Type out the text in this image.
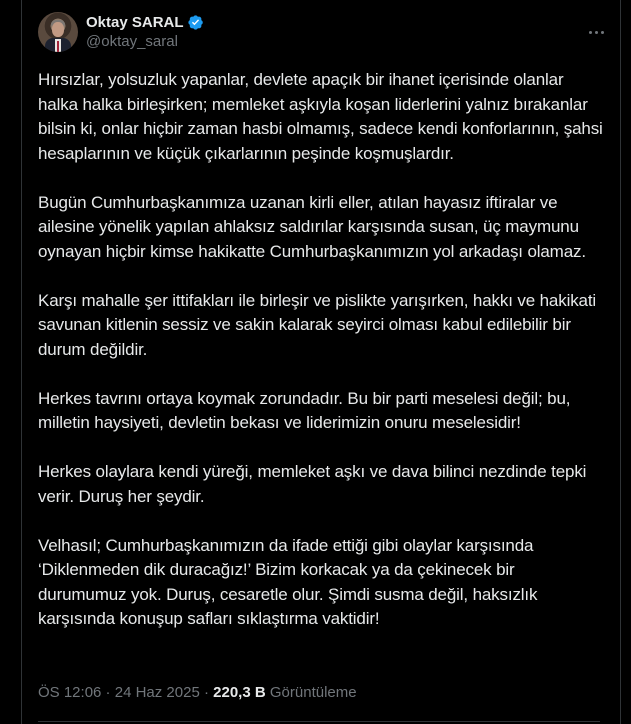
Oktay SARAL
@oktay_saral

Hırsızlar, yolsuzluk yapanlar, devlete apaçık bir ihanet içerisinde olanlar halka halka birleşirken; memleket aşkıyla koşan liderlerini yalnız bırakanlar bilsin ki, onlar hiçbir zaman hasbi olmamış, sadece kendi konforlarının, şahsi hesaplarının ve küçük çıkarlarının peşinde koşmuşlardır.

Bugün Cumhurbaşkanımıza uzanan kirli eller, atılan hayasız iftiralar ve ailesine yönelik yapılan ahlaksız saldırılar karşısında susan, üç maymunu oynayan hiçbir kimse hakikatte Cumhurbaşkanımızın yol arkadaşı olamaz.

Karşı mahalle şer ittifakları ile birleşir ve pislikte yarışırken, hakkı ve hakikati savunan kitlenin sessiz ve sakin kalarak seyirci olması kabul edilebilir bir durum değildir.

Herkes tavrını ortaya koymak zorundadır. Bu bir parti meselesi değil; bu, milletin haysiyeti, devletin bekası ve liderimizin onuru meselesidir!

Herkes olaylara kendi yüreği, memleket aşkı ve dava bilinci nezdinde tepki verir. Duruş her şeydir.

Velhasıl; Cumhurbaşkanımızın da ifade ettiği gibi olaylar karşısında ‘Diklenmeden dik duracağız!’ Bizim korkacak ya da çekinecek bir durumumuz yok. Duruş, cesaretle olur. Şimdi susma değil, haksızlık karşısında konuşup safları sıklaştırma vaktidir!

ÖS 12:06 · 24 Haz 2025 · 220,3 B Görüntüleme
